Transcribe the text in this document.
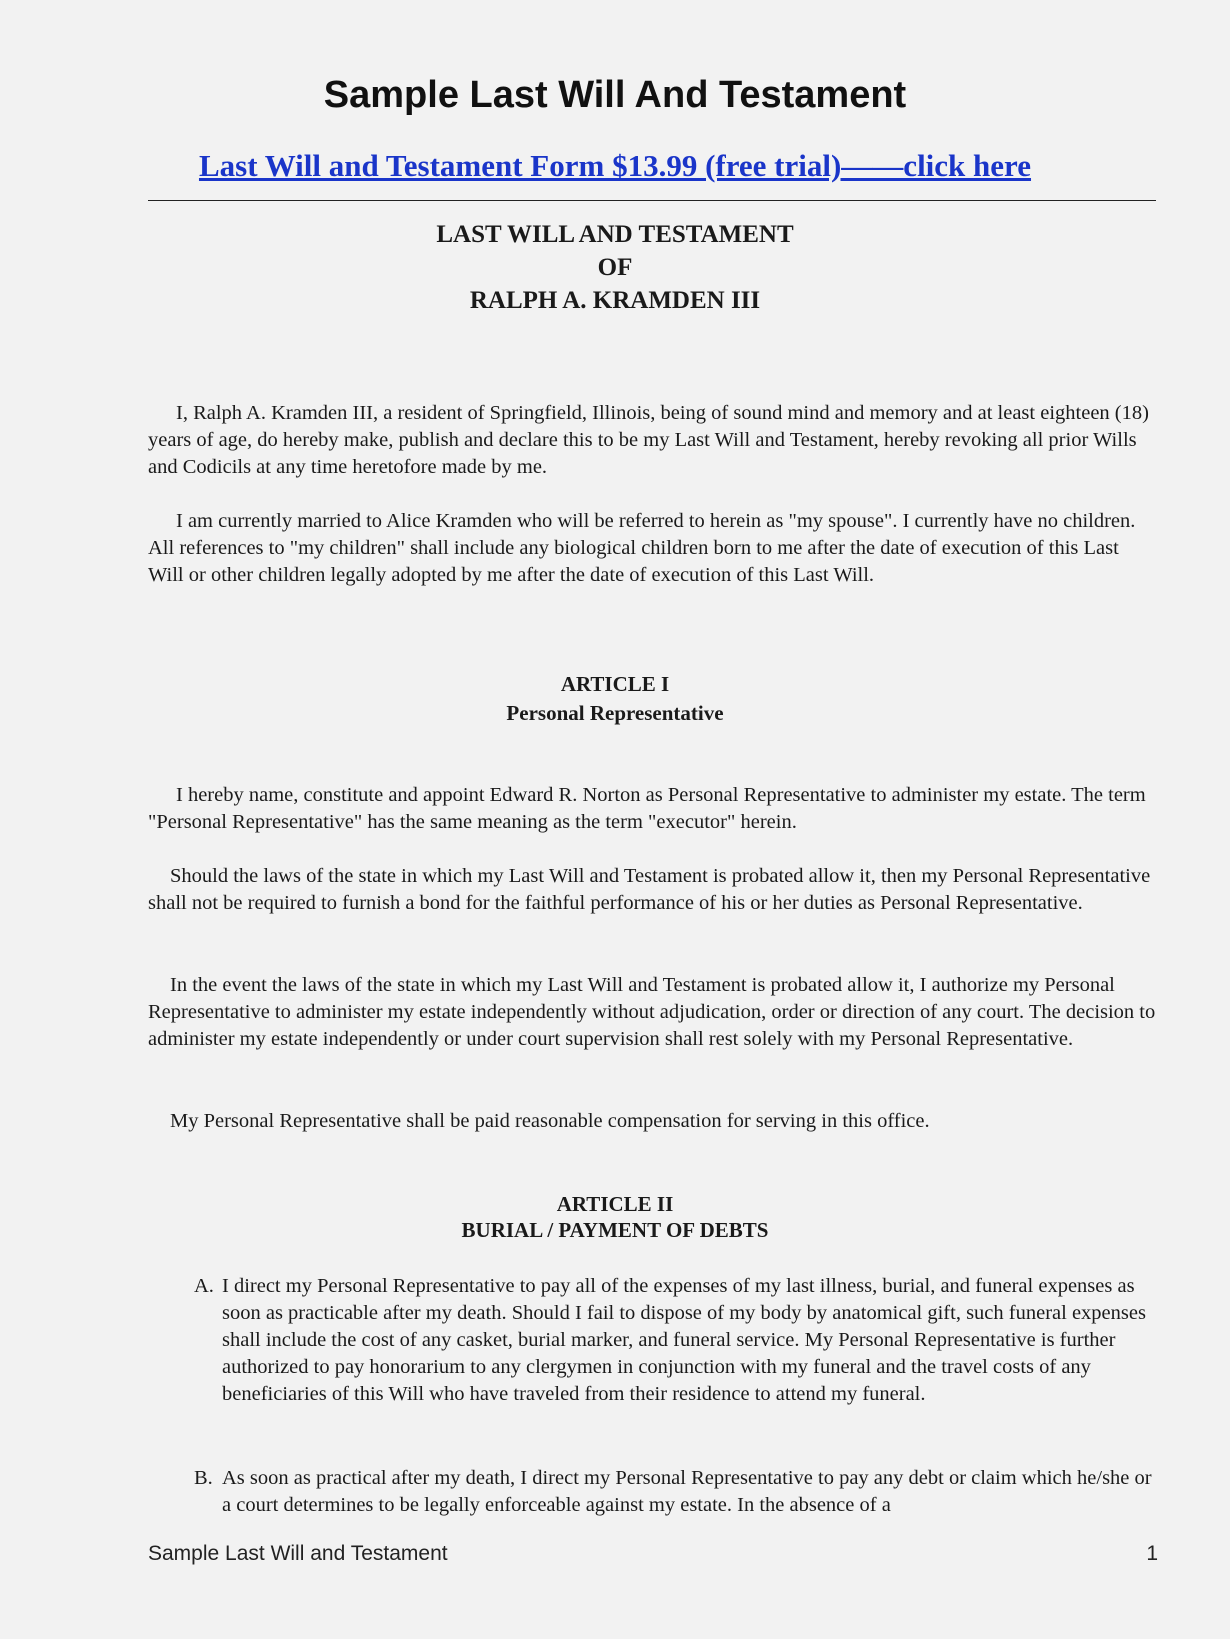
Sample Last Will And Testament
Last Will and Testament Form $13.99 (free trial)——click here
LAST WILL AND TESTAMENT
OF
RALPH A. KRAMDEN III

I, Ralph A. Kramden III, a resident of Springfield, Illinois, being of sound mind and memory and at least eighteen (18) years of age, do hereby make, publish and declare this to be my Last Will and Testament, hereby revoking all prior Wills and Codicils at any time heretofore made by me.

I am currently married to Alice Kramden who will be referred to herein as "my spouse". I currently have no children. All references to "my children" shall include any biological children born to me after the date of execution of this Last Will or other children legally adopted by me after the date of execution of this Last Will.

ARTICLE I
Personal Representative

I hereby name, constitute and appoint Edward R. Norton as Personal Representative to administer my estate. The term "Personal Representative" has the same meaning as the term "executor" herein.

Should the laws of the state in which my Last Will and Testament is probated allow it, then my Personal Representative shall not be required to furnish a bond for the faithful performance of his or her duties as Personal Representative.

In the event the laws of the state in which my Last Will and Testament is probated allow it, I authorize my Personal Representative to administer my estate independently without adjudication, order or direction of any court. The decision to administer my estate independently or under court supervision shall rest solely with my Personal Representative.

My Personal Representative shall be paid reasonable compensation for serving in this office.

ARTICLE II
BURIAL / PAYMENT OF DEBTS
A. I direct my Personal Representative to pay all of the expenses of my last illness, burial, and funeral expenses as soon as practicable after my death. Should I fail to dispose of my body by anatomical gift, such funeral expenses shall include the cost of any casket, burial marker, and funeral service. My Personal Representative is further authorized to pay honorarium to any clergymen in conjunction with my funeral and the travel costs of any beneficiaries of this Will who have traveled from their residence to attend my funeral.
B. As soon as practical after my death, I direct my Personal Representative to pay any debt or claim which he/she or a court determines to be legally enforceable against my estate. In the absence of a
Sample Last Will and Testament	1
